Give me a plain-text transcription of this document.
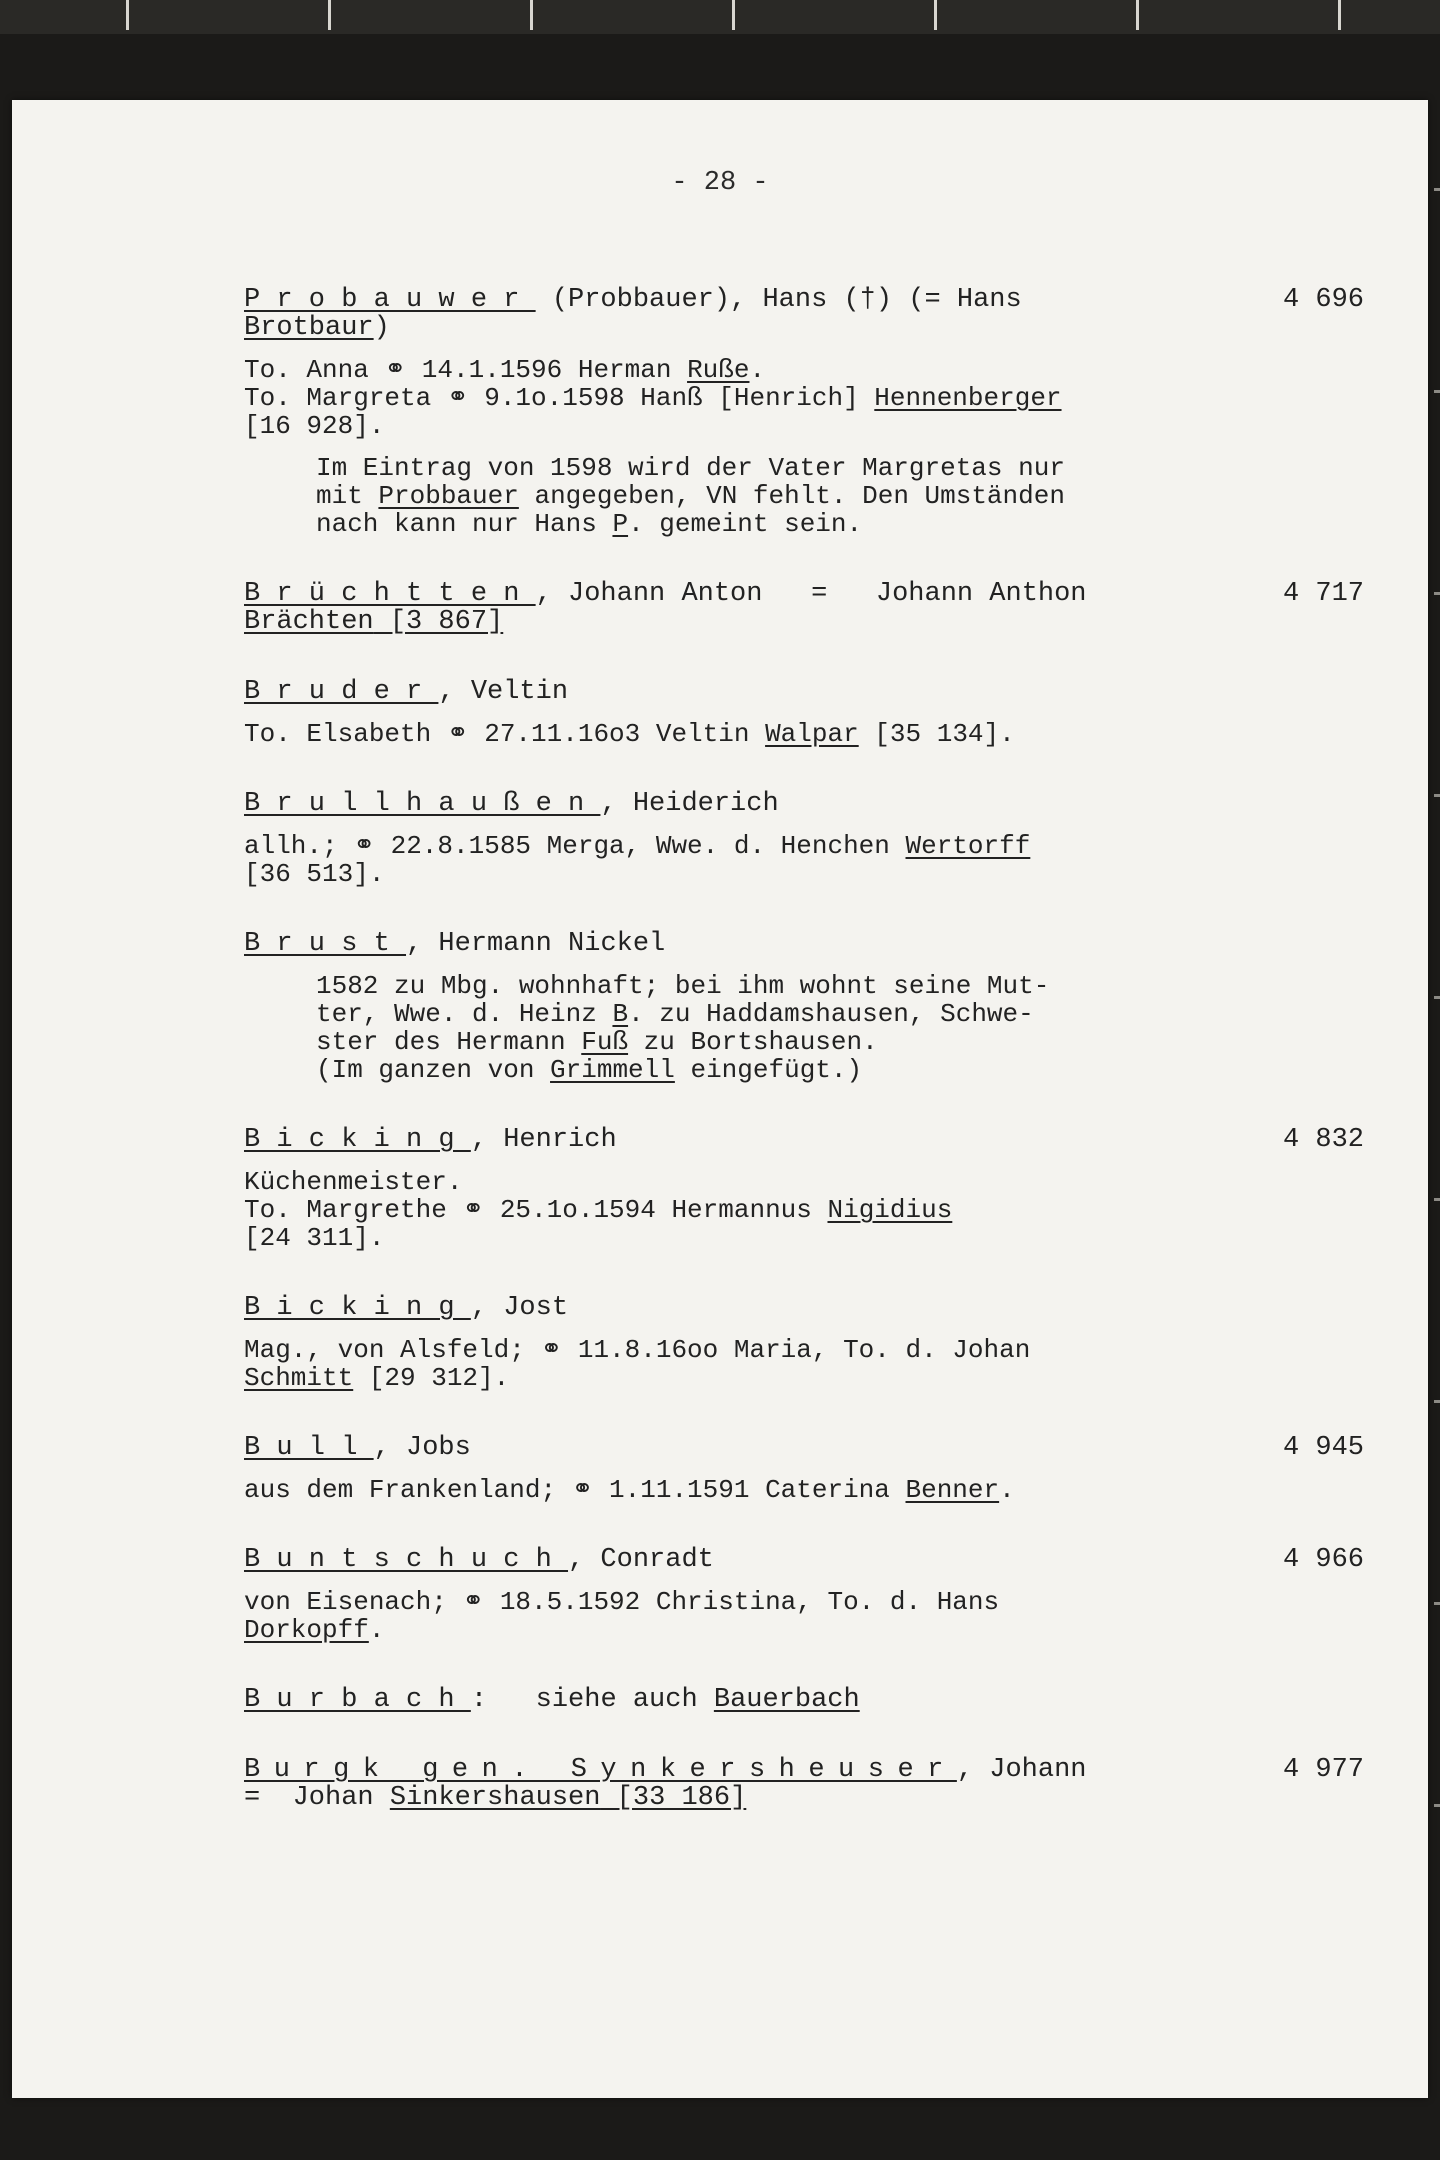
- 28 -
Probauwer (Probbauer), Hans (†) (= Hans	4 696
Brotbaur)
To. Anna ⚭ 14.1.1596 Herman Ruße.
To. Margreta ⚭ 9.1o.1598 Hanß [Henrich] Hennenberger
[16 928].
Im Eintrag von 1598 wird der Vater Margretas nur
mit Probbauer angegeben, VN fehlt. Den Umständen
nach kann nur Hans P. gemeint sein.
Brüchtten, Johann Anton   =   Johann Anthon	4 717
Brächten [3 867]
Bruder, Veltin
To. Elsabeth ⚭ 27.11.16o3 Veltin Walpar [35 134].
Brullhaußen, Heiderich
allh.; ⚭ 22.8.1585 Merga, Wwe. d. Henchen Wertorff
[36 513].
Brust, Hermann Nickel
1582 zu Mbg. wohnhaft; bei ihm wohnt seine Mut-
ter, Wwe. d. Heinz B. zu Haddamshausen, Schwe-
ster des Hermann Fuß zu Bortshausen.
(Im ganzen von Grimmell eingefügt.)
Bicking, Henrich	4 832
Küchenmeister.
To. Margrethe ⚭ 25.1o.1594 Hermannus Nigidius
[24 311].
Bicking, Jost
Mag., von Alsfeld; ⚭ 11.8.16oo Maria, To. d. Johan
Schmitt [29 312].
Bull, Jobs	4 945
aus dem Frankenland; ⚭ 1.11.1591 Caterina Benner.
Buntschuch, Conradt	4 966
von Eisenach; ⚭ 18.5.1592 Christina, To. d. Hans
Dorkopff.
Burbach:   siehe auch Bauerbach
Burgk gen. Synkersheuser, Johann	4 977
=  Johan Sinkershausen [33 186]
